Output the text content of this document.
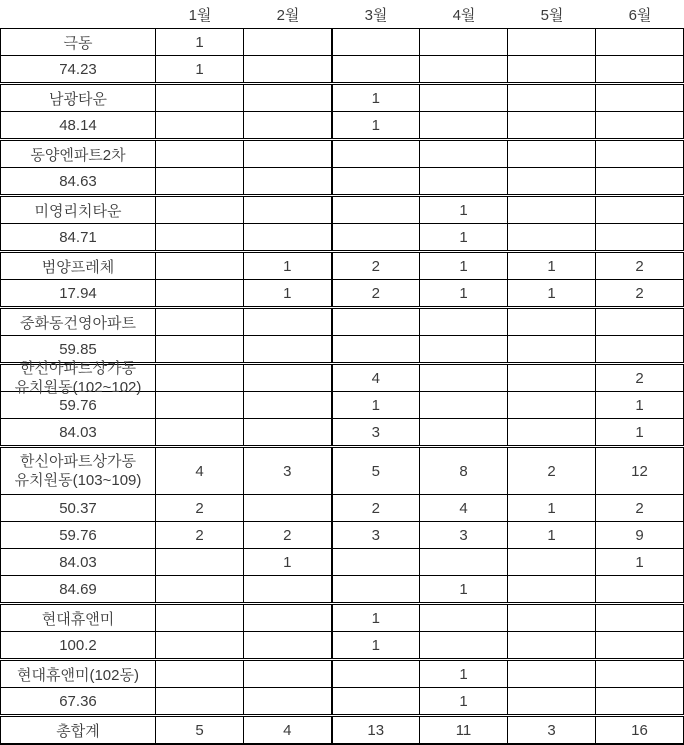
1월	2월	3월	4월	5월	6월
극동	1					
74.23	1					
남광타운			1			
48.14			1			
동양엔파트2차						
84.63						
미영리치타운				1		
84.71				1		
범양프레체		1	2	1	1	2
17.94		1	2	1	1	2
중화동건영아파트						
59.85						

한신아파트상가동
유치원동(102~102)			4			2
59.76			1			1
84.03			3			1

한신아파트상가동
유치원동(103~109)	4	3	5	8	2	12
50.37	2		2	4	1	2
59.76	2	2	3	3	1	9
84.03		1				1
84.69				1		
현대휴앤미			1			
100.2			1			
현대휴앤미(102동)				1		
67.36				1		
총합계	5	4	13	11	3	16
